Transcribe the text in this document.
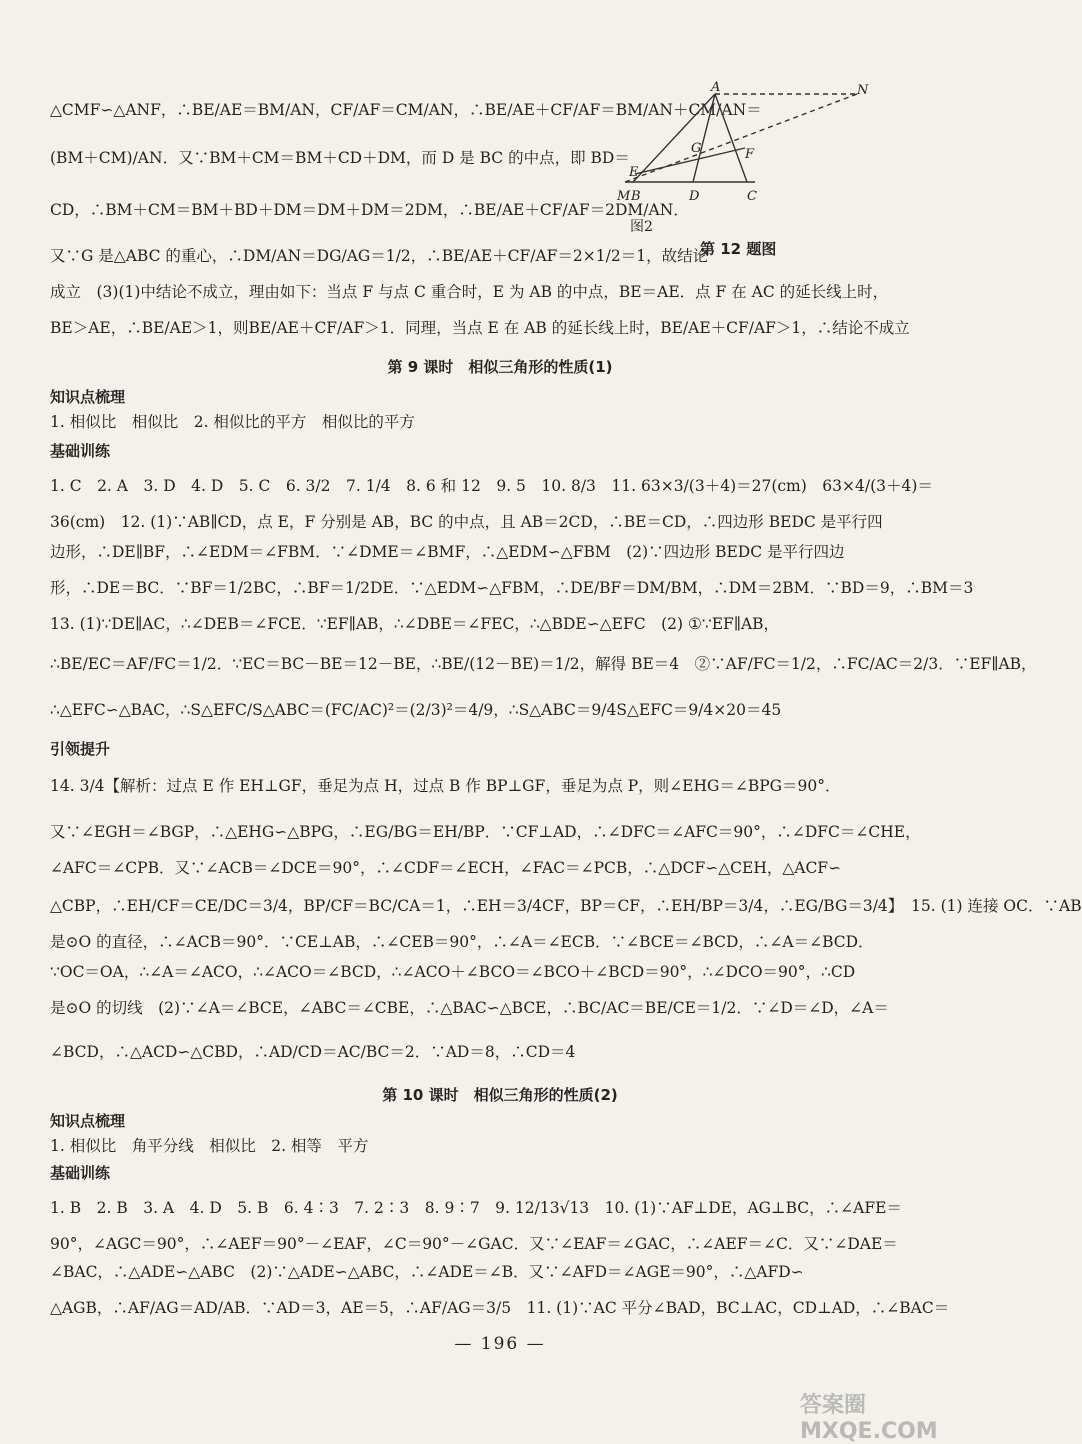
△CMF∽△ANF，∴BE/AE＝BM/AN，CF/AF＝CM/AN，∴BE/AE＋CF/AF＝BM/AN＋CM/AN＝
(BM＋CM)/AN．又∵BM＋CM＝BM＋CD＋DM，而 D 是 BC 的中点，即 BD＝
CD，∴BM＋CM＝BM＋BD＋DM＝DM＋DM＝2DM，∴BE/AE＋CF/AF＝2DM/AN．
又∵G 是△ABC 的重心，∴DM/AN＝DG/AG＝1/2，∴BE/AE＋CF/AF＝2×1/2＝1，故结论
成立　(3)(1)中结论不成立，理由如下：当点 F 与点 C 重合时，E 为 AB 的中点，BE＝AE．点 F 在 AC 的延长线上时，
BE＞AE，∴BE/AE＞1，则BE/AE＋CF/AF＞1．同理，当点 E 在 AB 的延长线上时，BE/AE＋CF/AF＞1，∴结论不成立
A	N
G
E
F
M B	D	C
图2
第 12 题图
第 9 课时　相似三角形的性质(1)
知识点梳理
1. 相似比　相似比　2. 相似比的平方　相似比的平方
基础训练
1. C　2. A　3. D　4. D　5. C　6. 3/2　7. 1/4　8. 6 和 12　9. 5　10. 8/3　11. 63×3/(3＋4)＝27(cm)　63×4/(3＋4)＝
36(cm)　12. (1)∵AB∥CD，点 E，F 分别是 AB，BC 的中点，且 AB＝2CD，∴BE＝CD，∴四边形 BEDC 是平行四
边形，∴DE∥BF，∴∠EDM＝∠FBM．∵∠DME＝∠BMF，∴△EDM∽△FBM　(2)∵四边形 BEDC 是平行四边
形，∴DE＝BC．∵BF＝1/2BC，∴BF＝1/2DE．∵△EDM∽△FBM，∴DE/BF＝DM/BM，∴DM＝2BM．∵BD＝9，∴BM＝3
13. (1)∵DE∥AC，∴∠DEB＝∠FCE．∵EF∥AB，∴∠DBE＝∠FEC，∴△BDE∽△EFC　(2) ①∵EF∥AB，
∴BE/EC＝AF/FC＝1/2．∵EC＝BC－BE＝12－BE，∴BE/(12－BE)＝1/2，解得 BE＝4　②∵AF/FC＝1/2，∴FC/AC＝2/3．∵EF∥AB，
∴△EFC∽△BAC，∴S△EFC/S△ABC＝(FC/AC)²＝(2/3)²＝4/9，∴S△ABC＝9/4S△EFC＝9/4×20＝45
引领提升
14. 3/4【解析：过点 E 作 EH⊥GF，垂足为点 H，过点 B 作 BP⊥GF，垂足为点 P，则∠EHG＝∠BPG＝90°．
又∵∠EGH＝∠BGP，∴△EHG∽△BPG，∴EG/BG＝EH/BP．∵CF⊥AD，∴∠DFC＝∠AFC＝90°，∴∠DFC＝∠CHE，
∠AFC＝∠CPB．又∵∠ACB＝∠DCE＝90°，∴∠CDF＝∠ECH，∠FAC＝∠PCB，∴△DCF∽△CEH，△ACF∽
△CBP，∴EH/CF＝CE/DC＝3/4，BP/CF＝BC/CA＝1，∴EH＝3/4CF，BP＝CF，∴EH/BP＝3/4，∴EG/BG＝3/4】　15. (1) 连接 OC．∵AB
是⊙O 的直径，∴∠ACB＝90°．∵CE⊥AB，∴∠CEB＝90°，∴∠A＝∠ECB．∵∠BCE＝∠BCD，∴∠A＝∠BCD．
∵OC＝OA，∴∠A＝∠ACO，∴∠ACO＝∠BCD，∴∠ACO＋∠BCO＝∠BCO＋∠BCD＝90°，∴∠DCO＝90°，∴CD
是⊙O 的切线　(2)∵∠A＝∠BCE，∠ABC＝∠CBE，∴△BAC∽△BCE，∴BC/AC＝BE/CE＝1/2．∵∠D＝∠D，∠A＝
∠BCD，∴△ACD∽△CBD，∴AD/CD＝AC/BC＝2．∵AD＝8，∴CD＝4
第 10 课时　相似三角形的性质(2)
知识点梳理
1. 相似比　角平分线　相似比　2. 相等　平方
基础训练
1. B　2. B　3. A　4. D　5. B　6. 4∶3　7. 2∶3　8. 9∶7　9. 12/13√13　10. (1)∵AF⊥DE，AG⊥BC，∴∠AFE＝
90°，∠AGC＝90°，∴∠AEF＝90°－∠EAF，∠C＝90°－∠GAC．又∵∠EAF＝∠GAC，∴∠AEF＝∠C．又∵∠DAE＝
∠BAC，∴△ADE∽△ABC　(2)∵△ADE∽△ABC，∴∠ADE＝∠B．又∵∠AFD＝∠AGE＝90°，∴△AFD∽
△AGB，∴AF/AG＝AD/AB．∵AD＝3，AE＝5，∴AF/AG＝3/5　11. (1)∵AC 平分∠BAD，BC⊥AC，CD⊥AD，∴∠BAC＝
— 196 —
答案圈 MXQE.COM
